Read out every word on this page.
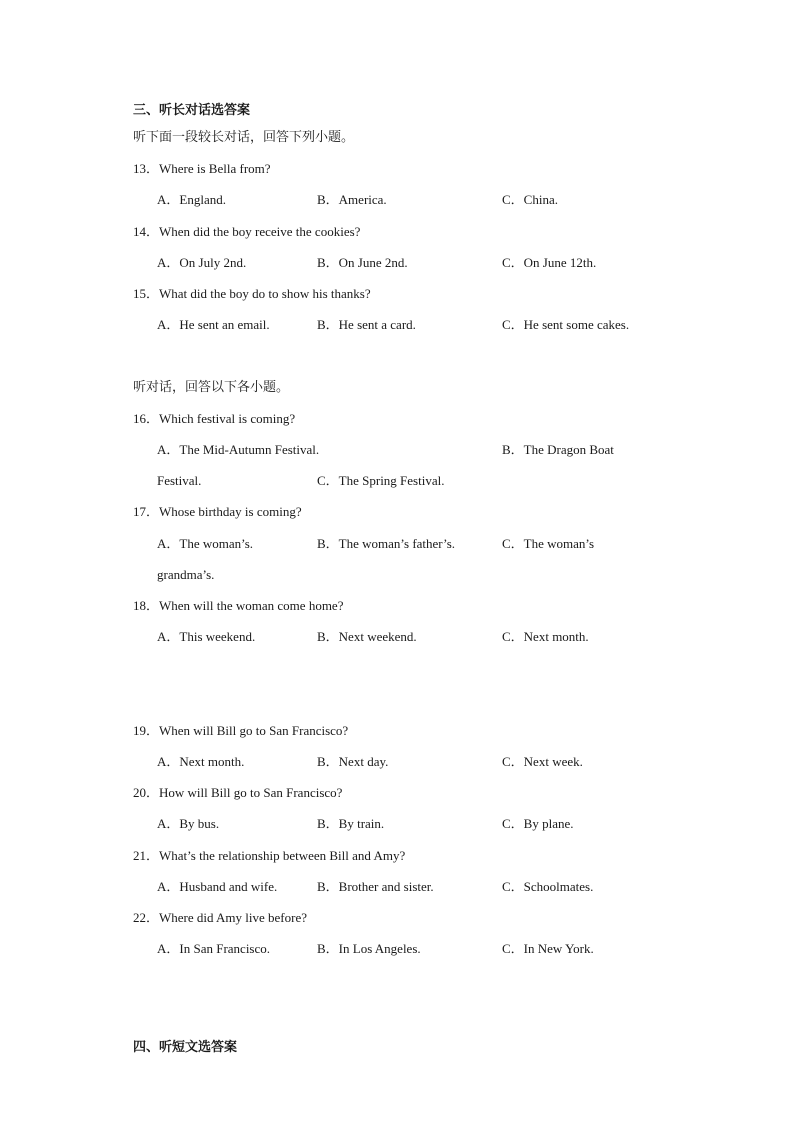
三、听长对话选答案
听下面一段较长对话，回答下列小题。
13．Where is Bella from?
A．England.	B．America.	C．China.
14．When did the boy receive the cookies?
A．On July 2nd.	B．On June 2nd.	C．On June 12th.
15．What did the boy do to show his thanks?
A．He sent an email.	B．He sent a card.	C．He sent some cakes.
听对话，回答以下各小题。
16．Which festival is coming?
A．The Mid-Autumn Festival.	B．The Dragon Boat
Festival.	C．The Spring Festival.
17．Whose birthday is coming?
A．The woman’s.	B．The woman’s father’s.	C．The woman’s
grandma’s.
18．When will the woman come home?
A．This weekend.	B．Next weekend.	C．Next month.
19．When will Bill go to San Francisco?
A．Next month.	B．Next day.	C．Next week.
20．How will Bill go to San Francisco?
A．By bus.	B．By train.	C．By plane.
21．What’s the relationship between Bill and Amy?
A．Husband and wife.	B．Brother and sister.	C．Schoolmates.
22．Where did Amy live before?
A．In San Francisco.	B．In Los Angeles.	C．In New York.
四、听短文选答案
